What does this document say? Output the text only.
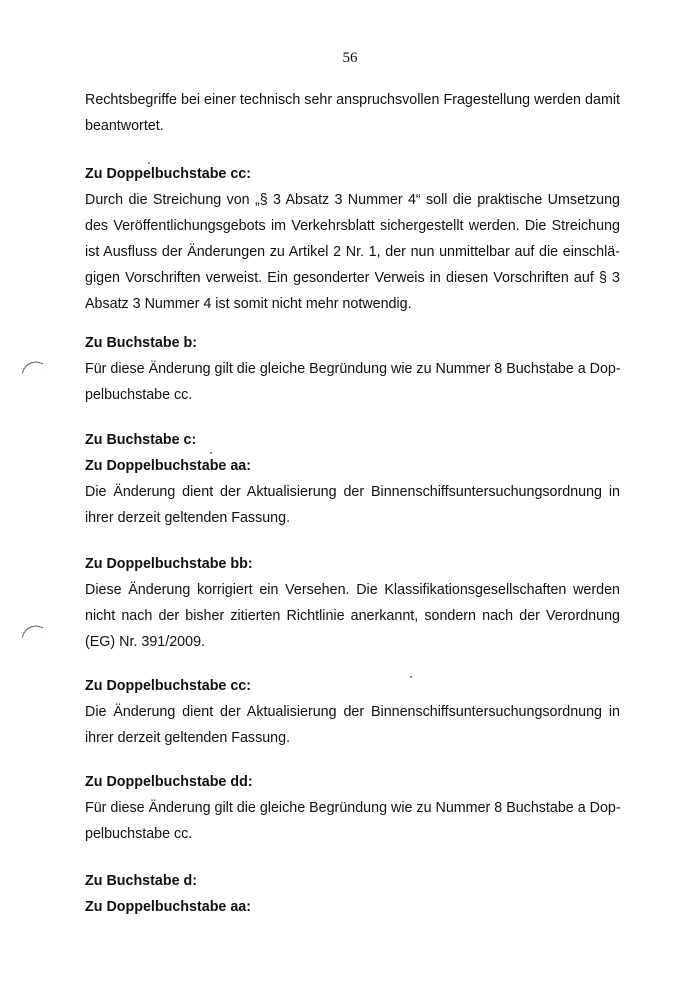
56
Rechtsbegriffe bei einer technisch sehr anspruchsvollen Fragestellung werden damit
beantwortet.
Zu Doppelbuchstabe cc:
Durch die Streichung von „§ 3 Absatz 3 Nummer 4“ soll die praktische Umsetzung
des Veröffentlichungsgebots im Verkehrsblatt sichergestellt werden. Die Streichung
ist Ausfluss der Änderungen zu Artikel 2 Nr. 1, der nun unmittelbar auf die einschlä-
gigen Vorschriften verweist. Ein gesonderter Verweis in diesen Vorschriften auf § 3
Absatz 3 Nummer 4 ist somit nicht mehr notwendig.
Zu Buchstabe b:
Für diese Änderung gilt die gleiche Begründung wie zu Nummer 8 Buchstabe a Dop-
pelbuchstabe cc.
Zu Buchstabe c:
Zu Doppelbuchstabe aa:
Die Änderung dient der Aktualisierung der Binnenschiffsuntersuchungsordnung in
ihrer derzeit geltenden Fassung.
Zu Doppelbuchstabe bb:
Diese Änderung korrigiert ein Versehen. Die Klassifikationsgesellschaften werden
nicht nach der bisher zitierten Richtlinie anerkannt, sondern nach der Verordnung
(EG) Nr. 391/2009.
Zu Doppelbuchstabe cc:
Die Änderung dient der Aktualisierung der Binnenschiffsuntersuchungsordnung in
ihrer derzeit geltenden Fassung.
Zu Doppelbuchstabe dd:
Für diese Änderung gilt die gleiche Begründung wie zu Nummer 8 Buchstabe a Dop-
pelbuchstabe cc.
Zu Buchstabe d:
Zu Doppelbuchstabe aa:
